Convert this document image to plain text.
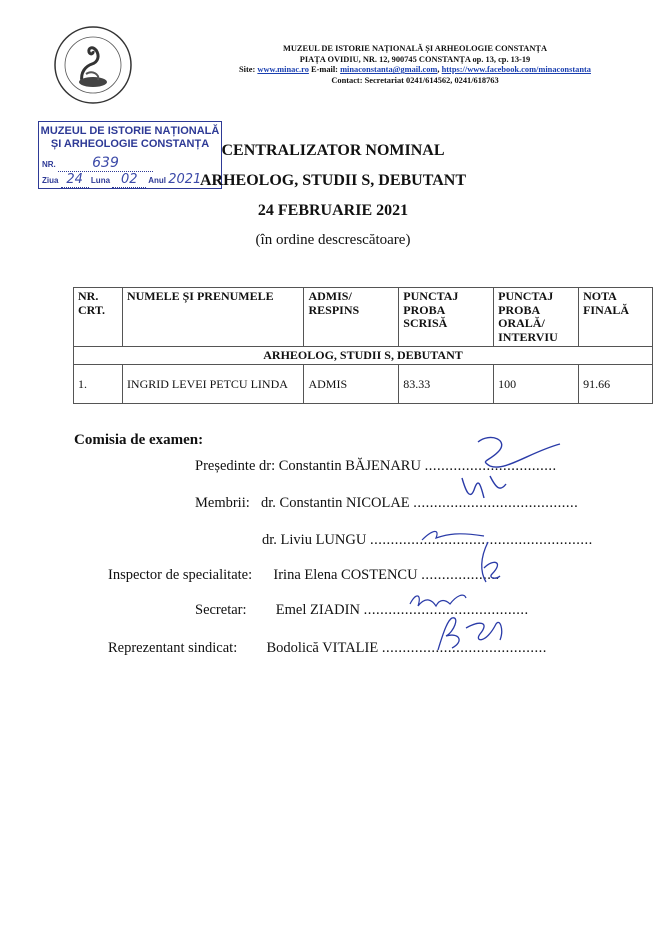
MUZEUL DE ISTORIE NAȚIONALĂ ȘI ARHEOLOGIE CONSTANȚA
PIAȚA OVIDIU, NR. 12, 900745 CONSTANȚA op. 13, cp. 13-19
Site: www.minac.ro E-mail: minaconstanta@gmail.com, https://www.facebook.com/minaconstanta
Contact: Secretariat 0241/614562, 0241/618763
MUZEUL DE ISTORIE NAȚIONALĂ
ȘI ARHEOLOGIE CONSTANȚA
NR.	639
Ziua 24 Luna 02 Anul 2021
CENTRALIZATOR NOMINAL
ARHEOLOG, STUDII S, DEBUTANT
24 FEBRUARIE 2021
(în ordine descrescătoare)
NR. CRT.	NUMELE ȘI PRENUMELE	ADMIS/ RESPINS	PUNCTAJ PROBA SCRISĂ	PUNCTAJ PROBA ORALĂ/ INTERVIU	NOTA FINALĂ
ARHEOLOG, STUDII S, DEBUTANT					
1.	INGRID LEVEI PETCU LINDA	ADMIS	83.33	100	91.66
Comisia de examen:
Președinte dr: Constantin BĂJENARU ................................
Membrii: dr. Constantin NICOLAE ........................................
dr. Liviu LUNGU ......................................................
Inspector de specialitate: Irina Elena COSTENCU ...................
Secretar: Emel ZIADIN ........................................
Reprezentant sindicat: Bodolică VITALIE ........................................
